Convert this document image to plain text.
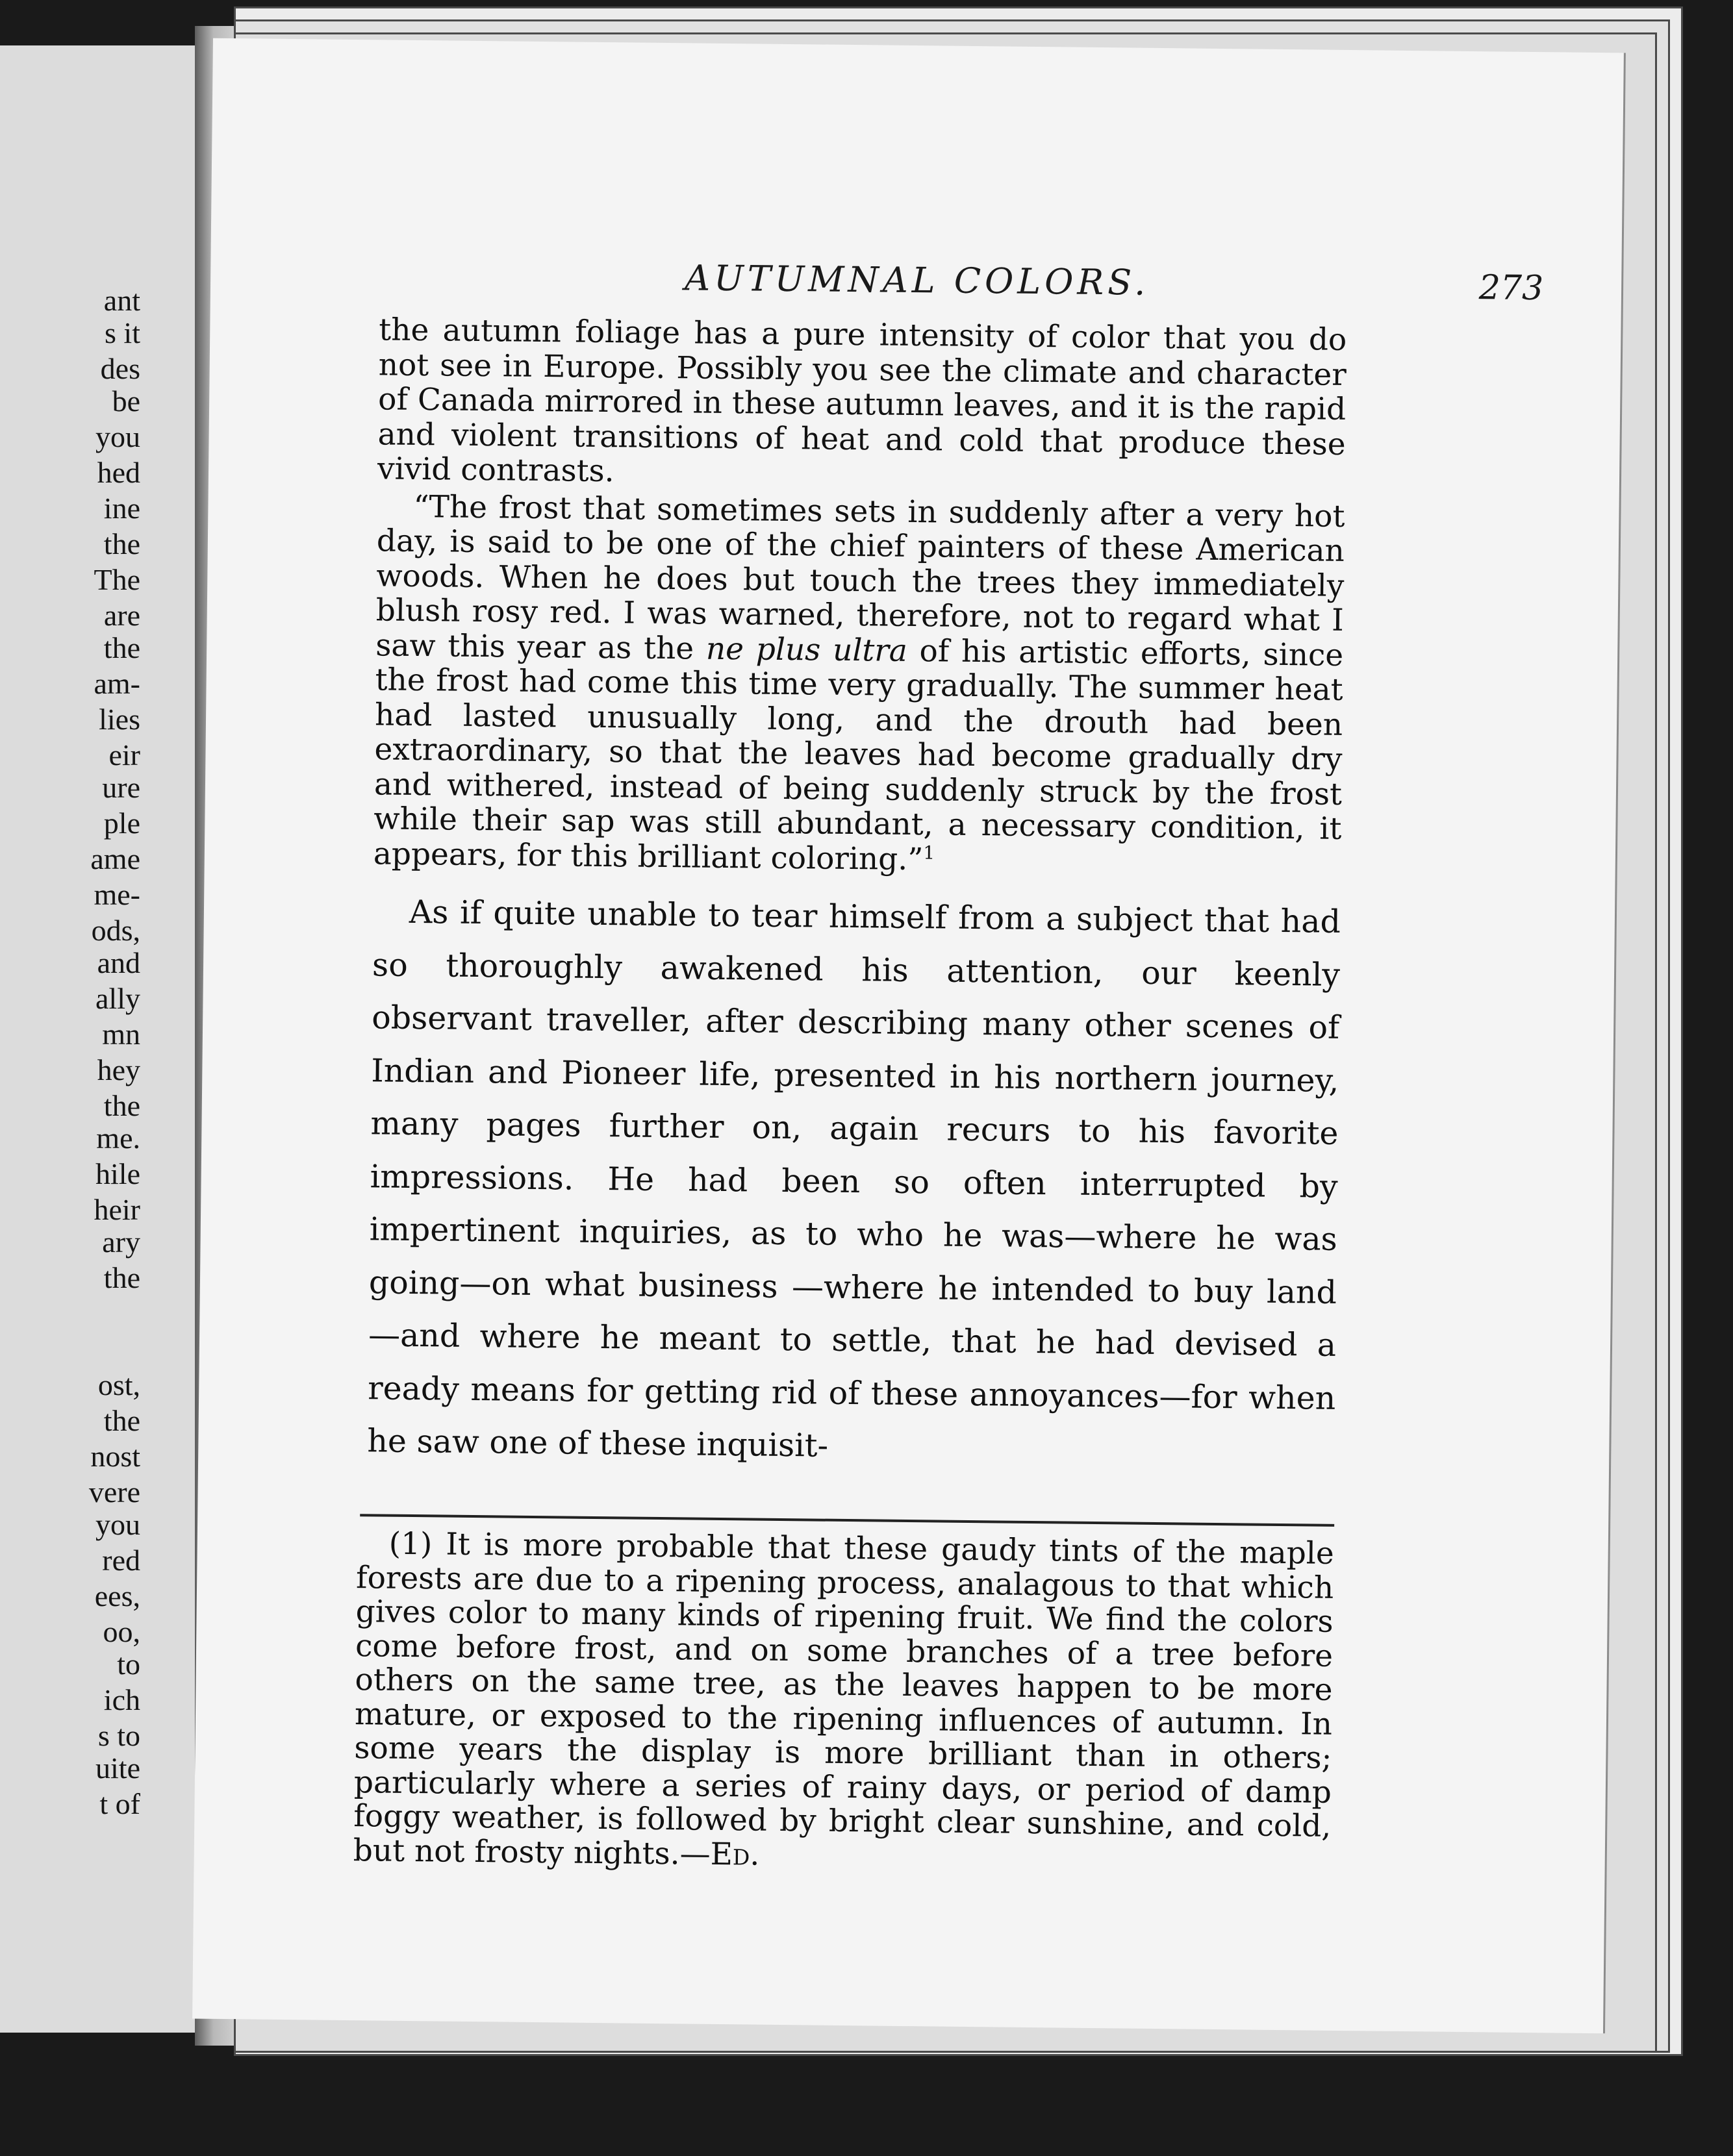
ant
s it
des
be
you
hed
ine
the
The
are
the
am-
lies
eir
ure
ple
ame
me-
ods,
and
ally
mn
hey
the
me.
hile
heir
ary
the
ost,
the
nost
vere
you
red
ees,
oo,
to
ich
s to
uite
t of
AUTUMNAL COLORS.	273

the autumn foliage has a pure intensity of color that you do not see in Europe. Possibly you see the climate and character of Canada mirrored in these autumn leaves, and it is the rapid and violent transitions of heat and cold that produce these vivid contrasts.

“The frost that sometimes sets in suddenly after a very hot day, is said to be one of the chief painters of these American woods. When he does but touch the trees they immediately blush rosy red. I was warned, therefore, not to regard what I saw this year as the ne plus ultra of his artistic efforts, since the frost had come this time very gradually. The summer heat had lasted unusually long, and the drouth had been extraordinary, so that the leaves had become gradually dry and withered, instead of being suddenly struck by the frost while their sap was still abundant, a necessary condition, it appears, for this brilliant coloring.”$^1$

As if quite unable to tear himself from a subject that had so thoroughly awakened his attention, our keenly observant traveller, after describing many other scenes of Indian and Pioneer life, presented in his northern journey, many pages further on, again recurs to his favorite impressions. He had been so often interrupted by impertinent inquiries, as to who he was—where he was going—on what business —where he intended to buy land—and where he meant to settle, that he had devised a ready means for getting rid of these annoyances—for when he saw one of these inquisit-

(1) It is more probable that these gaudy tints of the maple forests are due to a ripening process, analagous to that which gives color to many kinds of ripening fruit. We find the colors come before frost, and on some branches of a tree before others on the same tree, as the leaves happen to be more mature, or exposed to the ripening influences of autumn. In some years the display is more brilliant than in others; particularly where a series of rainy days, or period of damp foggy weather, is followed by bright clear sunshine, and cold, but not frosty nights.—Ed.
